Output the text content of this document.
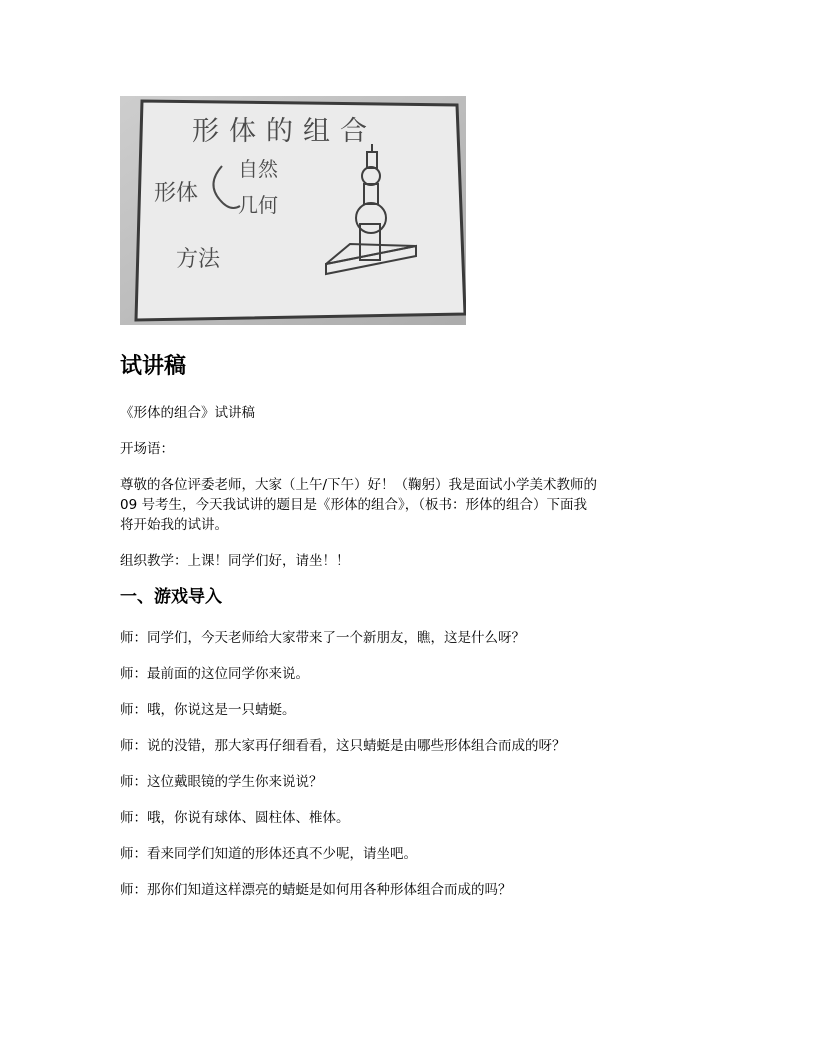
形体的组合
形体
自然
几何
方法
试讲稿

《形体的组合》试讲稿

开场语：

尊敬的各位评委老师，大家（上午/下午）好！（鞠躬）我是面试小学美术教师的

09 号考生，今天我试讲的题目是《形体的组合》，（板书：形体的组合）下面我

将开始我的试讲。

组织教学：上课！同学们好，请坐！！

一、游戏导入

师：同学们，今天老师给大家带来了一个新朋友，瞧，这是什么呀？

师：最前面的这位同学你来说。

师：哦，你说这是一只蜻蜓。

师：说的没错，那大家再仔细看看，这只蜻蜓是由哪些形体组合而成的呀？

师：这位戴眼镜的学生你来说说？

师：哦，你说有球体、圆柱体、椎体。

师：看来同学们知道的形体还真不少呢，请坐吧。

师：那你们知道这样漂亮的蜻蜓是如何用各种形体组合而成的吗？
